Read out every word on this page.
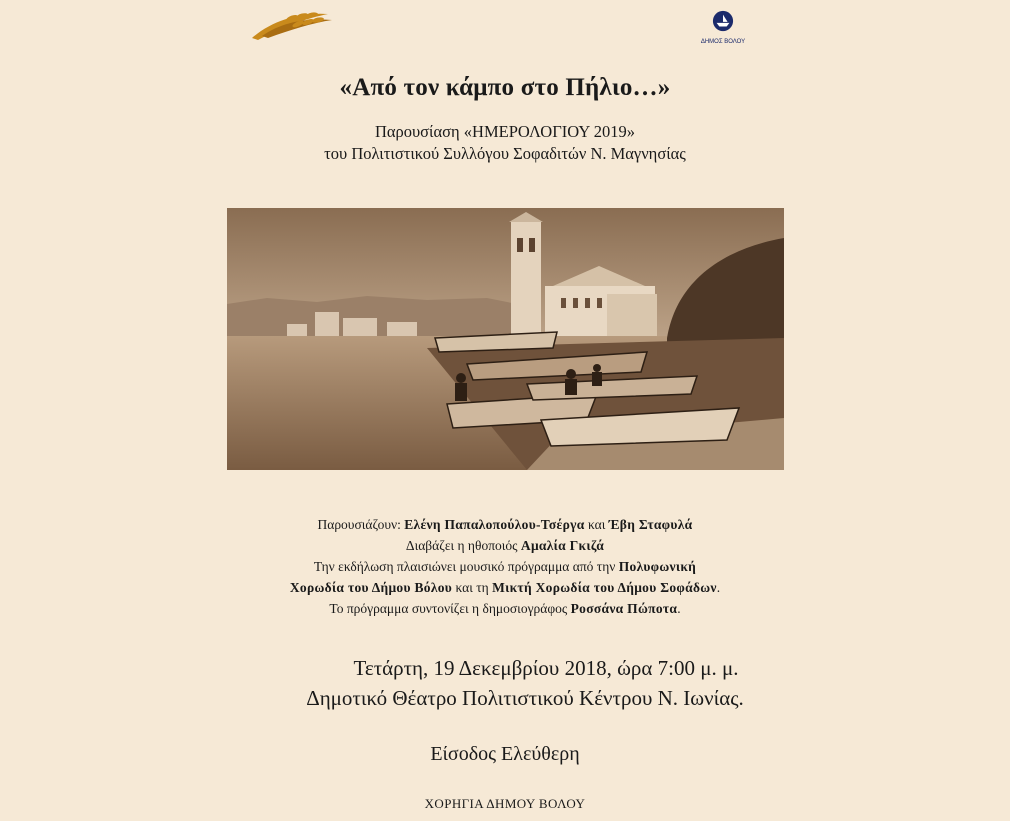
ΔΗΜΟΣ ΒΟΛΟΥ
«Από τον κάμπο στο Πήλιο…»
Παρουσίαση «ΗΜΕΡΟΛΟΓΙΟΥ 2019»
του Πολιτιστικού Συλλόγου Σοφαδιτών Ν. Μαγνησίας
Παρουσιάζουν: Ελένη Παπαλοπούλου-Τσέργα και Έβη Σταφυλά
Διαβάζει η ηθοποιός Αμαλία Γκιζά
Την εκδήλωση πλαισιώνει μουσικό πρόγραμμα από την Πολυφωνική
Χορωδία του Δήμου Βόλου και τη Μικτή Χορωδία του Δήμου Σοφάδων.
Το πρόγραμμα συντονίζει η δημοσιογράφος Ροσσάνα Πώποτα.
Τετάρτη, 19 Δεκεμβρίου 2018, ώρα 7:00 μ. μ.
Δημοτικό Θέατρο Πολιτιστικού Κέντρου Ν. Ιωνίας.
Είσοδος Ελεύθερη
ΧΟΡΗΓΙΑ ΔΗΜΟΥ ΒΟΛΟΥ
